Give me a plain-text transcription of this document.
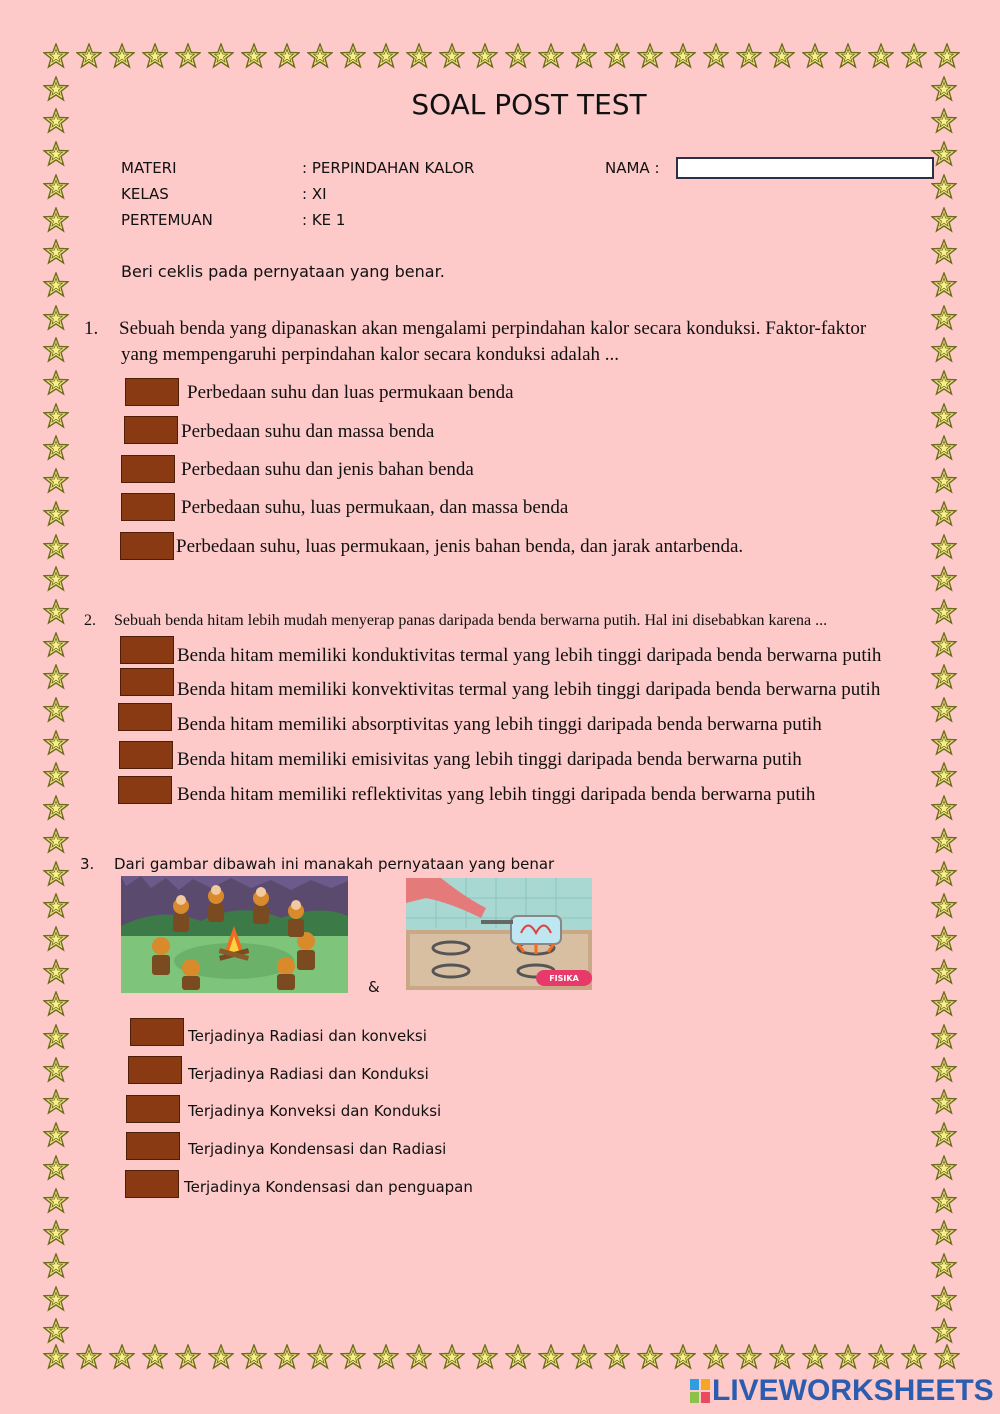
SOAL POST TEST
MATERI	: PERPINDAHAN KALOR
KELAS	: XI
PERTEMUAN	: KE 1
NAMA :
Beri ceklis pada pernyataan yang benar.
1. Sebuah benda yang dipanaskan akan mengalami perpindahan kalor secara konduksi. Faktor-faktor
yang mempengaruhi perpindahan kalor secara konduksi adalah ...
Perbedaan suhu dan luas permukaan benda
Perbedaan suhu dan massa benda
Perbedaan suhu dan jenis bahan benda
Perbedaan suhu, luas permukaan, dan massa benda
Perbedaan suhu, luas permukaan, jenis bahan benda, dan jarak antarbenda.
2. Sebuah benda hitam lebih mudah menyerap panas daripada benda berwarna putih. Hal ini disebabkan karena ...
Benda hitam memiliki konduktivitas termal yang lebih tinggi daripada benda berwarna putih
Benda hitam memiliki konvektivitas termal yang lebih tinggi daripada benda berwarna putih
Benda hitam memiliki absorptivitas yang lebih tinggi daripada benda berwarna putih
Benda hitam memiliki emisivitas yang lebih tinggi daripada benda berwarna putih
Benda hitam memiliki reflektivitas yang lebih tinggi daripada benda berwarna putih
3. Dari gambar dibawah ini manakah pernyataan yang benar
&	FISIKA
Terjadinya Radiasi dan konveksi
Terjadinya Radiasi dan Konduksi
Terjadinya Konveksi dan Konduksi
Terjadinya Kondensasi dan Radiasi
Terjadinya Kondensasi dan penguapan
LIVEWORKSHEETS
